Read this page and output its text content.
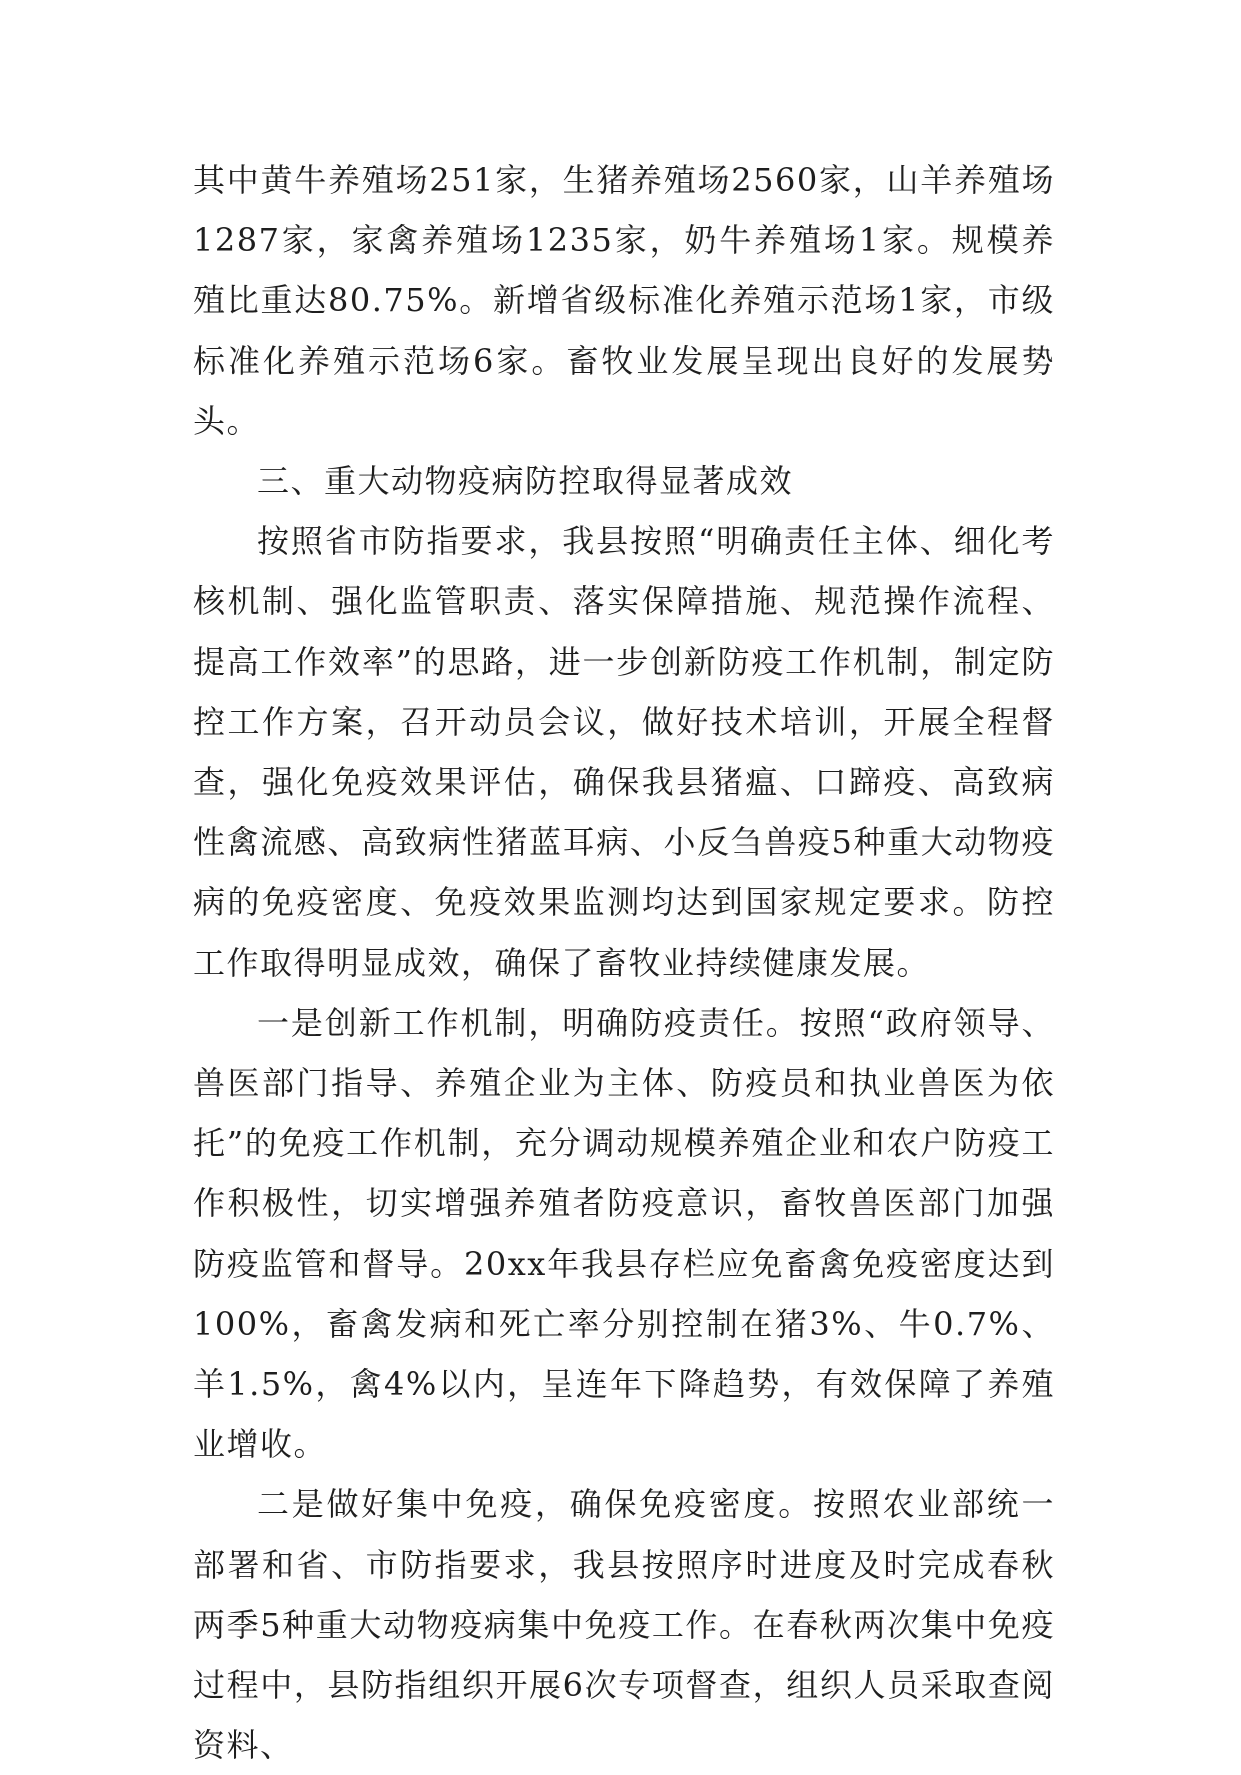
其中黄牛养殖场251家，生猪养殖场2560家，山羊养殖场1287家，家禽养殖场1235家，奶牛养殖场1家。规模养殖比重达80.75%。新增省级标准化养殖示范场1家，市级标准化养殖示范场6家。畜牧业发展呈现出良好的发展势头。

三、重大动物疫病防控取得显著成效

按照省市防指要求，我县按照“明确责任主体、细化考核机制、强化监管职责、落实保障措施、规范操作流程、提高工作效率”的思路，进一步创新防疫工作机制，制定防控工作方案，召开动员会议，做好技术培训，开展全程督查，强化免疫效果评估，确保我县猪瘟、口蹄疫、高致病性禽流感、高致病性猪蓝耳病、小反刍兽疫5种重大动物疫病的免疫密度、免疫效果监测均达到国家规定要求。防控工作取得明显成效，确保了畜牧业持续健康发展。

一是创新工作机制，明确防疫责任。按照“政府领导、兽医部门指导、养殖企业为主体、防疫员和执业兽医为依托”的免疫工作机制，充分调动规模养殖企业和农户防疫工作积极性，切实增强养殖者防疫意识，畜牧兽医部门加强防疫监管和督导。20xx年我县存栏应免畜禽免疫密度达到100%，畜禽发病和死亡率分别控制在猪3%、牛0.7%、羊1.5%，禽4%以内，呈连年下降趋势，有效保障了养殖业增收。

二是做好集中免疫，确保免疫密度。按照农业部统一部署和省、市防指要求，我县按照序时进度及时完成春秋两季5种重大动物疫病集中免疫工作。在春秋两次集中免疫过程中，县防指组织开展6次专项督查，组织人员采取查阅资料、
